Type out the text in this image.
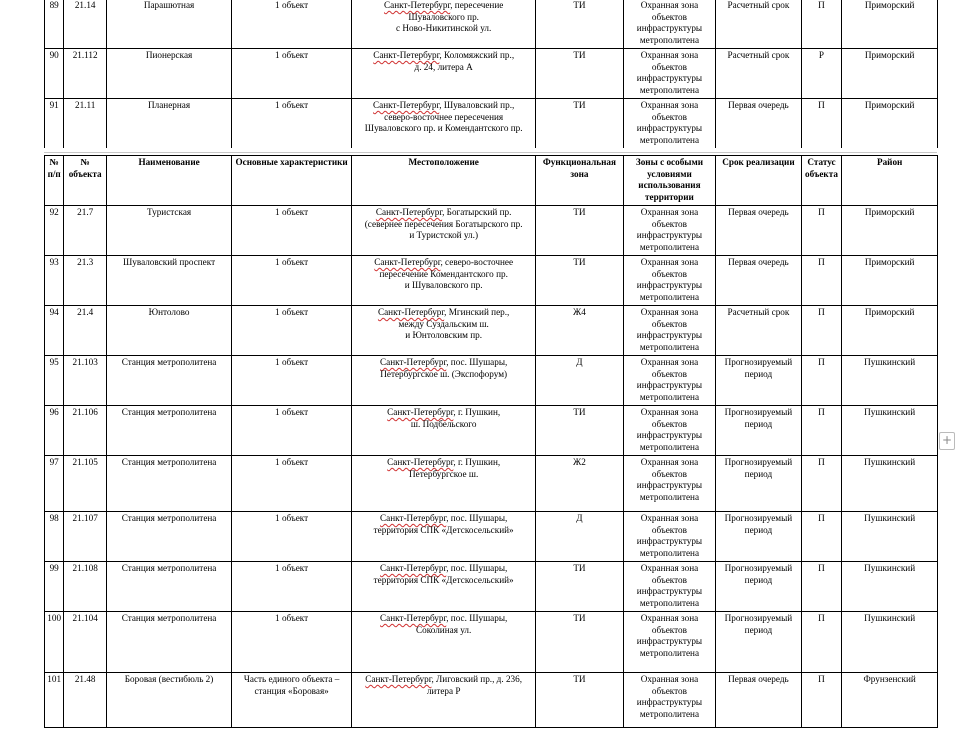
89	21.14	Парашютная	1 объект	Санкт-Петербург, пересечение
Шуваловского пр.
с Ново-Никитинской ул.	ТИ	Охранная зона объектов инфраструктуры метрополитена	Расчетный срок	П	Приморский
90	21.112	Пионерская	1 объект	Санкт-Петербург, Коломяжский пр.,
д. 24, литера А	ТИ	Охранная зона объектов инфраструктуры метрополитена	Расчетный срок	Р	Приморский
91	21.11	Планерная	1 объект	Санкт-Петербург, Шуваловский пр.,
северо-восточнее пересечения
Шуваловского пр. и Комендантского пр.	ТИ	Охранная зона объектов инфраструктуры метрополитена	Первая очередь	П	Приморский
№ п/п	№ объекта	Наименование	Основные характеристики	Местоположение	Функциональная зона	Зоны с особыми условиями использования территории	Срок реализации	Статус объекта	Район
92	21.7	Туристская	1 объект	Санкт-Петербург, Богатырский пр.
(севернее пересечения Богатырского пр.
и Туристской ул.)	ТИ	Охранная зона объектов инфраструктуры метрополитена	Первая очередь	П	Приморский
93	21.3	Шуваловский проспект	1 объект	Санкт-Петербург, северо-восточнее
пересечение Комендантского пр.
и Шуваловского пр.	ТИ	Охранная зона объектов инфраструктуры метрополитена	Первая очередь	П	Приморский
94	21.4	Юнтолово	1 объект	Санкт-Петербург, Мгинский пер.,
между Суздальским ш.
и Юнтоловским пр.	Ж4	Охранная зона объектов инфраструктуры метрополитена	Расчетный срок	П	Приморский
95	21.103	Станция метрополитена	1 объект	Санкт-Петербург, пос. Шушары,
Петербургское ш. (Экспофорум)	Д	Охранная зона объектов инфраструктуры метрополитена	Прогнозируемый период	П	Пушкинский
96	21.106	Станция метрополитена	1 объект	Санкт-Петербург, г. Пушкин,
ш. Подбельского	ТИ	Охранная зона объектов инфраструктуры метрополитена	Прогнозируемый период	П	Пушкинский
97	21.105	Станция метрополитена	1 объект	Санкт-Петербург, г. Пушкин,
Петербургское ш.	Ж2	Охранная зона объектов инфраструктуры метрополитена	Прогнозируемый период	П	Пушкинский
98	21.107	Станция метрополитена	1 объект	Санкт-Петербург, пос. Шушары,
территория СПК «Детскосельский»	Д	Охранная зона объектов инфраструктуры метрополитена	Прогнозируемый период	П	Пушкинский
99	21.108	Станция метрополитена	1 объект	Санкт-Петербург, пос. Шушары,
территория СПК «Детскосельский»	ТИ	Охранная зона объектов инфраструктуры метрополитена	Прогнозируемый период	П	Пушкинский
100	21.104	Станция метрополитена	1 объект	Санкт-Петербург, пос. Шушары,
Соколиная ул.	ТИ	Охранная зона объектов инфраструктуры метрополитена	Прогнозируемый период	П	Пушкинский
101	21.48	Боровая (вестибюль 2)	Часть единого объекта – станция «Боровая»	Санкт-Петербург, Лиговский пр., д. 236,
литера Р	ТИ	Охранная зона объектов инфраструктуры метрополитена	Первая очередь	П	Фрунзенский
+
